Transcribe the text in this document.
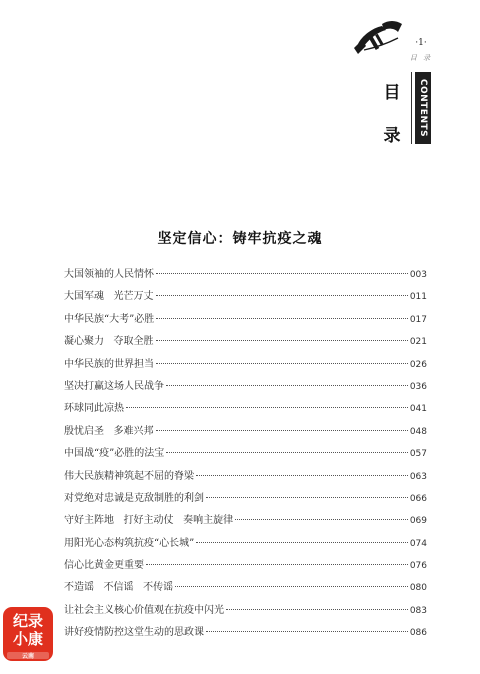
·1·
目 录
目
录	CONTENTS
坚定信心：铸牢抗疫之魂
大国领袖的人民情怀	003
大国军魂   光芒万丈	011
中华民族“大考”必胜	017
凝心聚力   夺取全胜	021
中华民族的世界担当	026
坚决打赢这场人民战争	036
环球同此凉热	041
殷忧启圣   多难兴邦	048
中国战“疫”必胜的法宝	057
伟大民族精神筑起不屈的脊梁	063
对党绝对忠诚是克敌制胜的利剑	066
守好主阵地   打好主动仗   奏响主旋律	069
用阳光心态构筑抗疫“心长城”	074
信心比黄金更重要	076
不造谣   不信谣   不传谣	080
让社会主义核心价值观在抗疫中闪光	083
讲好疫情防控这堂生动的思政课	086
纪录
小康
云南
